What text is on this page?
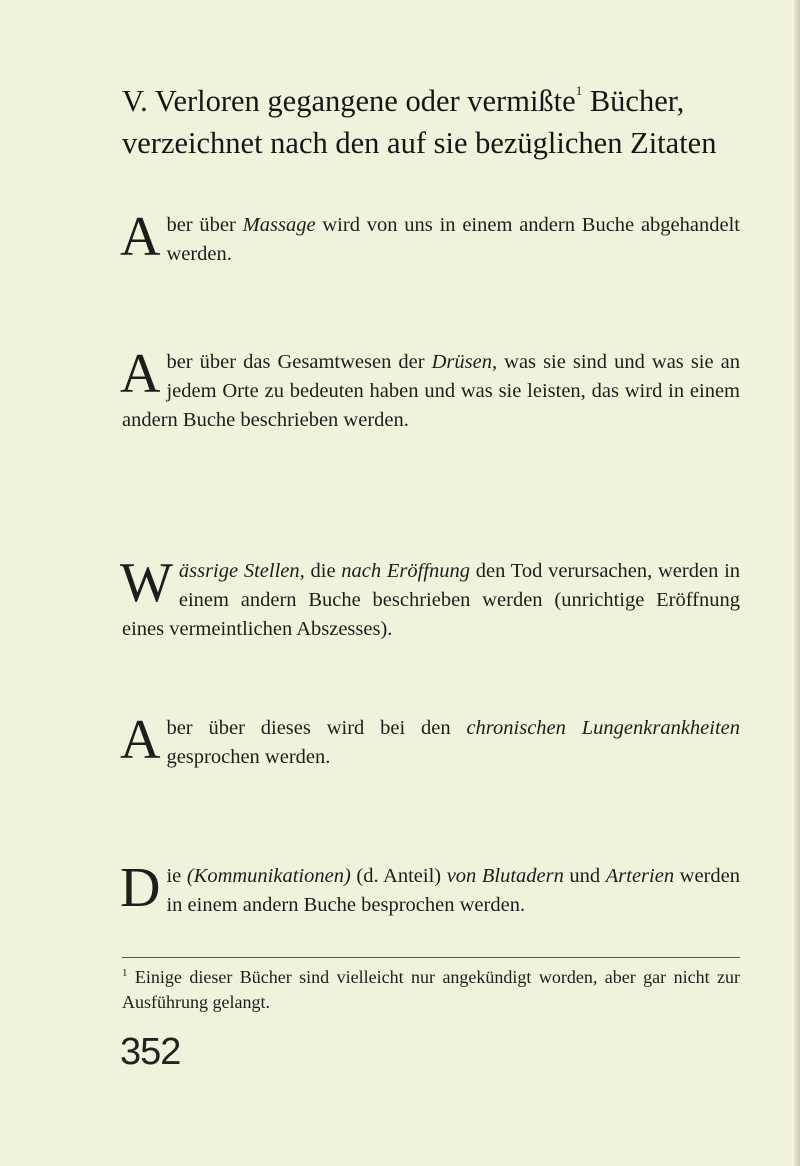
V. Verloren gegangene oder vermißte$^1$ Bücher,
verzeichnet nach den auf sie bezüglichen Zitaten
Aber über Massage wird von uns in einem andern Buche abgehandelt werden.
Aber über das Gesamtwesen der Drüsen, was sie sind und was sie an jedem Orte zu bedeuten haben und was sie leisten, das wird in einem andern Buche beschrieben werden.
Wässrige Stellen, die nach Eröffnung den Tod verursachen, werden in einem andern Buche beschrieben werden (unrichtige Eröffnung eines vermeintlichen Abszesses).
Aber über dieses wird bei den chronischen Lungenkrankheiten gesprochen werden.
Die (Kommunikationen) (d. Anteil) von Blutadern und Arterien werden in einem andern Buche besprochen werden.
$^1$ Einige dieser Bücher sind vielleicht nur angekündigt worden, aber gar nicht zur Ausführung gelangt.
352
